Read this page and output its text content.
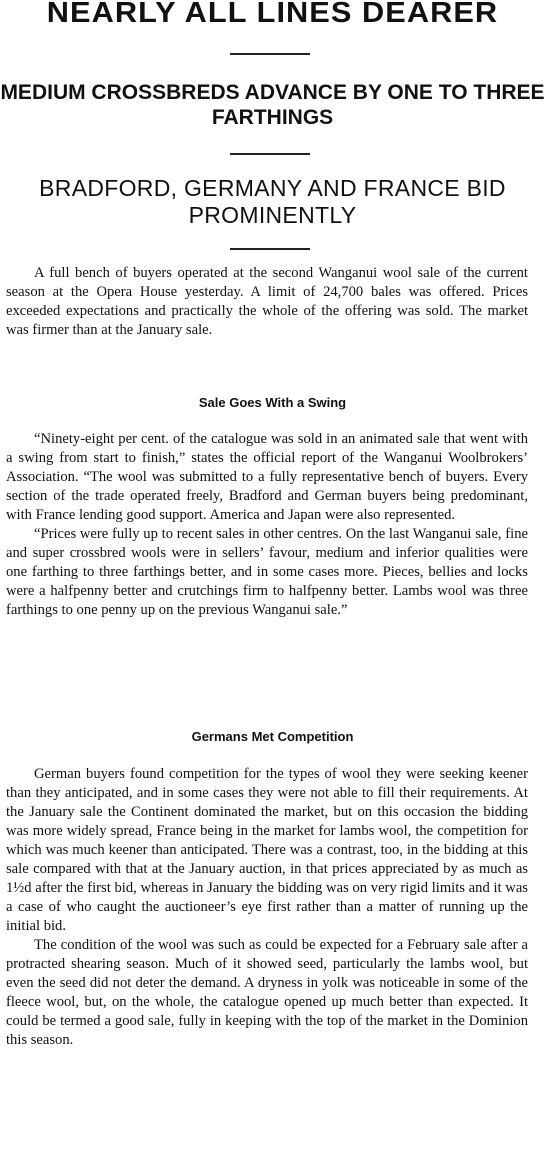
NEARLY ALL LINES DEARER
MEDIUM CROSSBREDS ADVANCE BY ONE TO THREE FARTHINGS
BRADFORD, GERMANY AND FRANCE BID PROMINENTLY

A full bench of buyers operated at the second Wanganui wool sale of the current season at the Opera House yesterday. A limit of 24,700 bales was offered. Prices exceeded expectations and practically the whole of the offering was sold. The market was firmer than at the January sale.

Sale Goes With a Swing

“Ninety-eight per cent. of the catalogue was sold in an animated sale that went with a swing from start to finish,” states the official report of the Wanganui Woolbrokers’ Association. “The wool was submitted to a fully representative bench of buyers. Every section of the trade operated freely, Bradford and German buyers being predominant, with France lending good support. America and Japan were also represented.

“Prices were fully up to recent sales in other centres. On the last Wanganui sale, fine and super crossbred wools were in sellers’ favour, medium and inferior qualities were one farthing to three farthings better, and in some cases more. Pieces, bellies and locks were a halfpenny better and crutchings firm to halfpenny better. Lambs wool was three farthings to one penny up on the previous Wanganui sale.”

Germans Met Competition

German buyers found competition for the types of wool they were seeking keener than they anticipated, and in some cases they were not able to fill their requirements. At the January sale the Continent dominated the market, but on this occasion the bidding was more widely spread, France being in the market for lambs wool, the competition for which was much keener than anticipated. There was a contrast, too, in the bidding at this sale compared with that at the January auction, in that prices appreciated by as much as 1½d after the first bid, whereas in January the bidding was on very rigid limits and it was a case of who caught the auctioneer’s eye first rather than a matter of running up the initial bid.

The condition of the wool was such as could be expected for a February sale after a protracted shearing season. Much of it showed seed, particularly the lambs wool, but even the seed did not deter the demand. A dryness in yolk was noticeable in some of the fleece wool, but, on the whole, the catalogue opened up much better than expected. It could be termed a good sale, fully in keeping with the top of the market in the Dominion this season.
